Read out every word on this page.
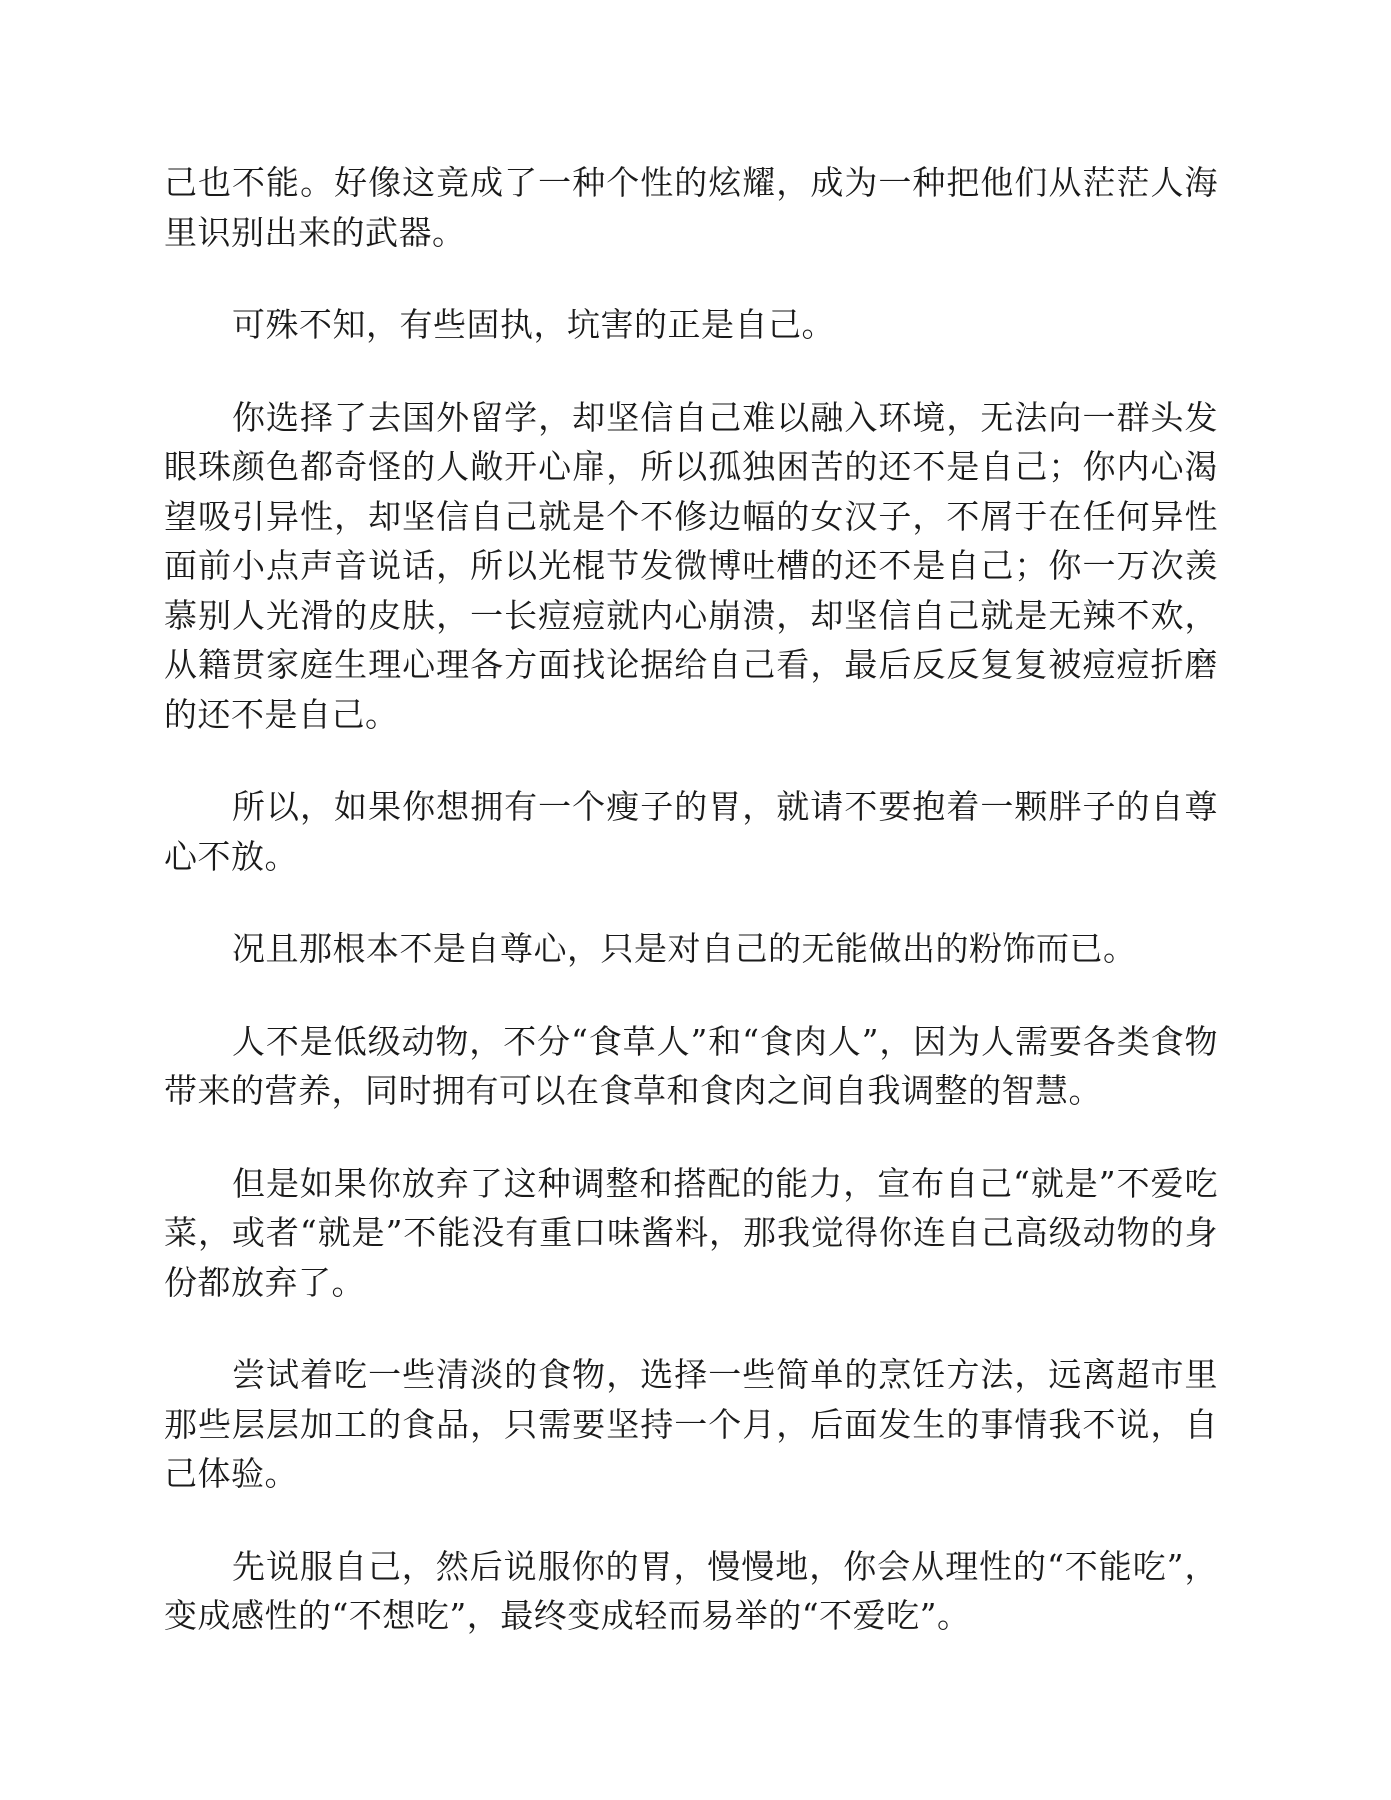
己也不能。好像这竟成了一种个性的炫耀，成为一种把他们从茫茫人海里识别出来的武器。

可殊不知，有些固执，坑害的正是自己。

你选择了去国外留学，却坚信自己难以融入环境，无法向一群头发眼珠颜色都奇怪的人敞开心扉，所以孤独困苦的还不是自己；你内心渴望吸引异性，却坚信自己就是个不修边幅的女汉子，不屑于在任何异性面前小点声音说话，所以光棍节发微博吐槽的还不是自己；你一万次羡慕别人光滑的皮肤，一长痘痘就内心崩溃，却坚信自己就是无辣不欢，从籍贯家庭生理心理各方面找论据给自己看，最后反反复复被痘痘折磨的还不是自己。

所以，如果你想拥有一个瘦子的胃，就请不要抱着一颗胖子的自尊心不放。

况且那根本不是自尊心，只是对自己的无能做出的粉饰而已。

人不是低级动物，不分“食草人”和“食肉人”，因为人需要各类食物带来的营养，同时拥有可以在食草和食肉之间自我调整的智慧。

但是如果你放弃了这种调整和搭配的能力，宣布自己“就是”不爱吃菜，或者“就是”不能没有重口味酱料，那我觉得你连自己高级动物的身份都放弃了。

尝试着吃一些清淡的食物，选择一些简单的烹饪方法，远离超市里那些层层加工的食品，只需要坚持一个月，后面发生的事情我不说，自己体验。

先说服自己，然后说服你的胃，慢慢地，你会从理性的“不能吃”，变成感性的“不想吃”，最终变成轻而易举的“不爱吃”。
